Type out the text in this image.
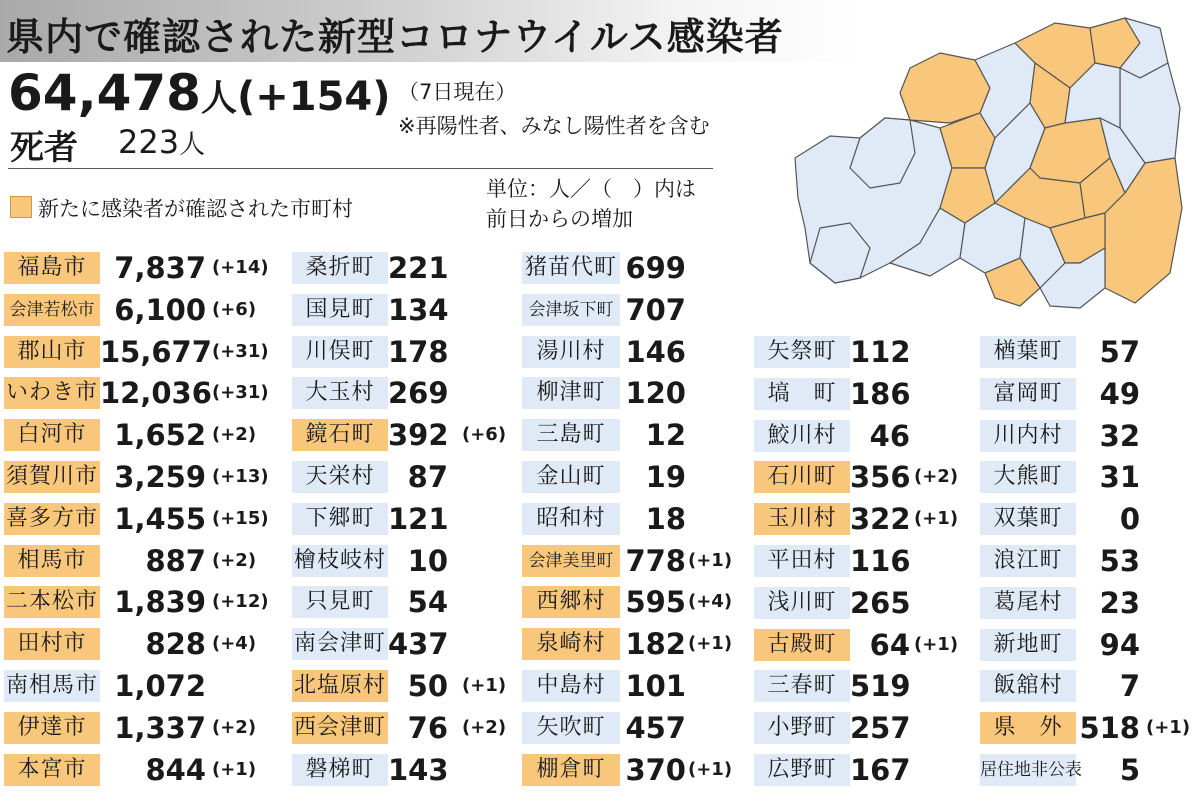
県内で確認された新型コロナウイルス感染者
64,478人(+154) （7日現在）
※再陽性者、みなし陽性者を含む
死者 223人
新たに感染者が確認された市町村
単位：人／（　）内は
前日からの増加
福島市 7,837 (+14)
会津若松市 6,100 (+6)
郡山市 15,677 (+31)
いわき市 12,036 (+31)
白河市 1,652 (+2)
須賀川市 3,259 (+13)
喜多方市 1,455 (+15)
相馬市	887 (+2)
二本松市 1,839 (+12)
田村市	828 (+4)
南相馬市 1,072
伊達市 1,337 (+2)
本宮市	844 (+1)
桑折町 221
国見町 134
川俣町 178
大玉村 269
鏡石町 392 (+6)
天栄村	87
下郷町 121
檜枝岐村 10
只見町	54
南会津町 437
北塩原村 50 (+1)
西会津町 76 (+2)
磐梯町 143
猪苗代町 699
会津坂下町 707
湯川村 146
柳津町 120
三島町	12
金山町	19
昭和村	18
会津美里町 778 (+1)
西郷村 595 (+4)
泉崎村 182 (+1)
中島村 101
矢吹町 457
棚倉町 370 (+1)
矢祭町 112
塙　町 186
鮫川村	46
石川町 356 (+2)
玉川村 322 (+1)
平田村 116
浅川町 265
古殿町	64 (+1)
三春町 519
小野町 257
広野町 167
楢葉町	57
富岡町	49
川内村	32
大熊町	31
双葉町	0
浪江町	53
葛尾村	23
新地町	94
飯舘村	7
県　外 518 (+1)
居住地非公表	5
